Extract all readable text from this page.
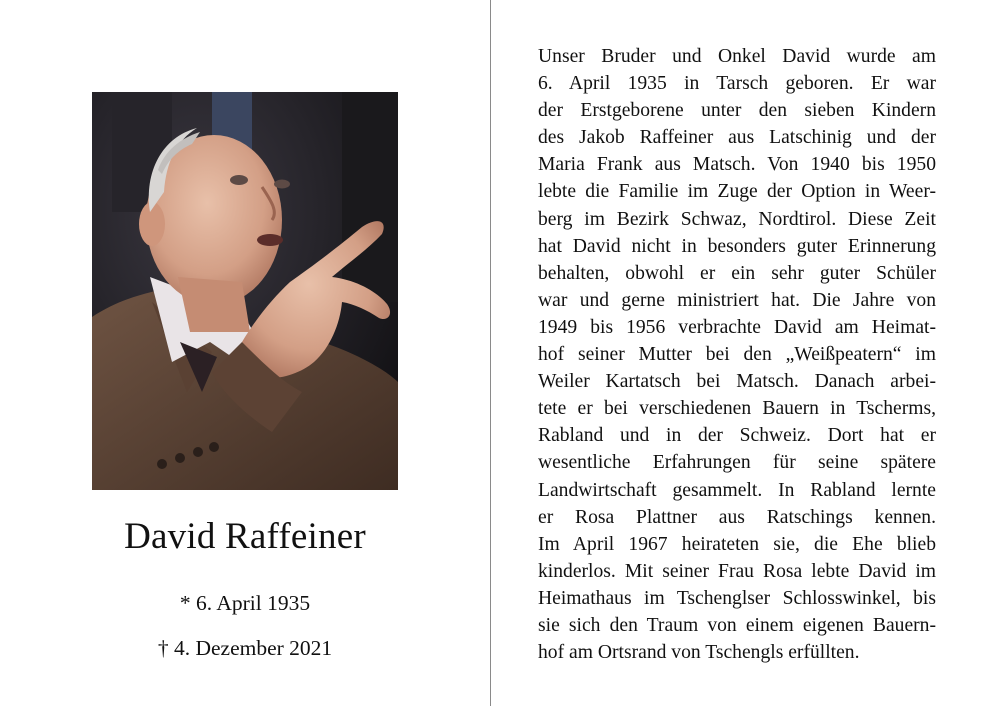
David Raffeiner
* 6. April 1935
† 4. Dezember 2021
Unser Bruder und Onkel David wurde am
6. April 1935 in Tarsch geboren. Er war
der Erstgeborene unter den sieben Kindern
des Jakob Raffeiner aus Latschinig und der
Maria Frank aus Matsch. Von 1940 bis 1950
lebte die Familie im Zuge der Option in Weer-
berg im Bezirk Schwaz, Nordtirol. Diese Zeit
hat David nicht in besonders guter Erinnerung
behalten, obwohl er ein sehr guter Schüler
war und gerne ministriert hat. Die Jahre von
1949 bis 1956 verbrachte David am Heimat-
hof seiner Mutter bei den „Weißpeatern“ im
Weiler Kartatsch bei Matsch. Danach arbei-
tete er bei verschiedenen Bauern in Tscherms,
Rabland und in der Schweiz. Dort hat er
wesentliche Erfahrungen für seine spätere
Landwirtschaft gesammelt. In Rabland lernte
er Rosa Plattner aus Ratschings kennen.
Im April 1967 heirateten sie, die Ehe blieb
kinderlos. Mit seiner Frau Rosa lebte David im
Heimathaus im Tschenglser Schlosswinkel, bis
sie sich den Traum von einem eigenen Bauern-
hof am Ortsrand von Tschengls erfüllten.
